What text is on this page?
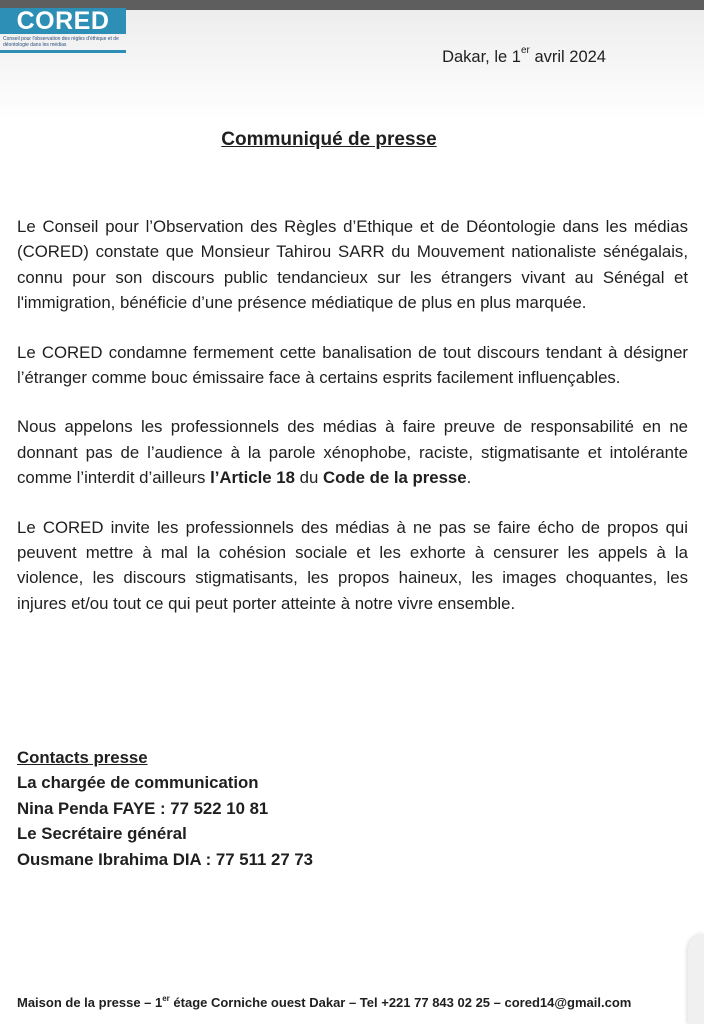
CORED
Conseil pour l'observation des règles d'éthique et de déontologie dans les médias
Dakar, le 1er avril 2024
Communiqué de presse

Le Conseil pour l’Observation des Règles d’Ethique et de Déontologie dans les médias (CORED) constate que Monsieur Tahirou SARR du Mouvement nationaliste sénégalais, connu pour son discours public tendancieux sur les étrangers vivant au Sénégal et l'immigration, bénéficie d’une présence médiatique de plus en plus marquée.

Le CORED condamne fermement cette banalisation de tout discours tendant à désigner l’étranger comme bouc émissaire face à certains esprits facilement influençables.

Nous appelons les professionnels des médias à faire preuve de responsabilité en ne donnant pas de l’audience à la parole xénophobe, raciste, stigmatisante et intolérante comme l’interdit d’ailleurs l’Article 18 du Code de la presse.

Le CORED invite les professionnels des médias à ne pas se faire écho de propos qui peuvent mettre à mal la cohésion sociale et les exhorte à censurer les appels à la violence, les discours stigmatisants, les propos haineux, les images choquantes, les injures et/ou tout ce qui peut porter atteinte à notre vivre ensemble.

Contacts presse
La chargée de communication
Nina Penda FAYE : 77 522 10 81
Le Secrétaire général
Ousmane Ibrahima DIA : 77 511 27 73
Maison de la presse – 1er étage Corniche ouest Dakar – Tel +221 77 843 02 25 – cored14@gmail.com
